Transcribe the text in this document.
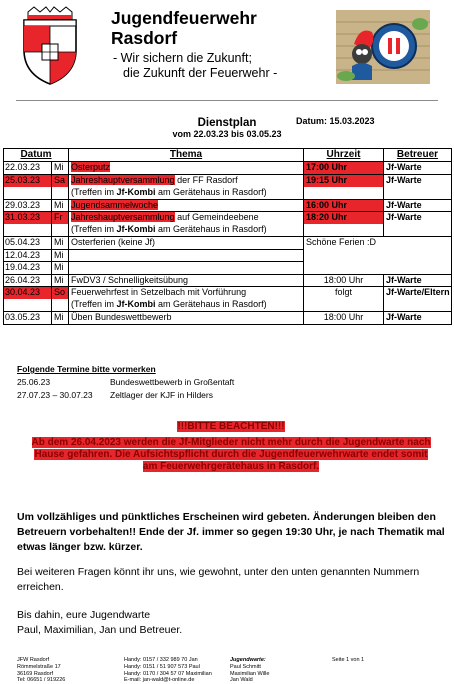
Jugendfeuerwehr
Rasdorf
- Wir sichern die Zukunft;
die Zukunft der Feuerwehr -
Dienstplan
vom 22.03.23 bis 03.05.23
Datum: 15.03.2023
Datum		Thema	Uhrzeit	Betreuer
22.03.23	Mi	Osterputz	17:00 Uhr	Jf-Warte
25.03.23	Sa	Jahreshauptversammlung der FF Rasdorf	19:15 Uhr	Jf-Warte
		(Treffen im Jf-Kombi am Gerätehaus in Rasdorf)		
29.03.23	Mi	Jugendsammelwoche	16:00 Uhr	Jf-Warte
31.03.23	Fr	Jahreshauptversammlung auf Gemeindeebene	18:20 Uhr	Jf-Warte
		(Treffen im Jf-Kombi am Gerätehaus in Rasdorf)		
05.04.23	Mi	Osterferien (keine Jf)	Schöne Ferien :D	
12.04.23	Mi			
19.04.23	Mi			
26.04.23	Mi	FwDV3 / Schnelligkeitsübung	18:00 Uhr	Jf-Warte
30.04.23	So	Feuerwehrfest in Setzelbach mit Vorführung	folgt	Jf-Warte/Eltern
		(Treffen im Jf-Kombi am Gerätehaus in Rasdorf)		
03.05.23	Mi	Üben Bundeswettbewerb	18:00 Uhr	Jf-Warte
Folgende Termine bitte vormerken
25.06.23	Bundeswettbewerb in Großentaft
27.07.23 – 30.07.23 Zeltlager der KJF in Hilders
!!!BITTE BEACHTEN!!!
Ab dem 26.04.2023 werden die Jf-Mitglieder nicht mehr durch die Jugendwarte nach
Hause gefahren. Die Aufsichtspflicht durch die Jugendfeuerwehrwarte endet somit
am Feuerwehrgerätehaus in Rasdorf.
Um vollzähliges und pünktliches Erscheinen wird gebeten. Änderungen bleiben den Betreuern vorbehalten!! Ende der Jf. immer so gegen 19:30 Uhr, je nach Thematik mal etwas länger bzw. kürzer.
Bei weiteren Fragen könnt ihr uns, wie gewohnt, unter den unten genannten Nummern erreichen.
Bis dahin, eure Jugendwarte
Paul, Maximilian, Jan und Betreuer.
JFW Rasdorf
Römmelstraße 17
36169 Rasdorf
Tel: 06651 / 919226
Handy: 0157 / 332 989 70 Jan
Handy: 0151 / 51 907 573 Paul
Handy: 0170 / 304 57 07 Maximilian
E-mail: jan-wald@t-online.de
Jugendwarte:
Paul Schmitt
Maximilian Wille
Jan Wald
Seite 1 von 1
